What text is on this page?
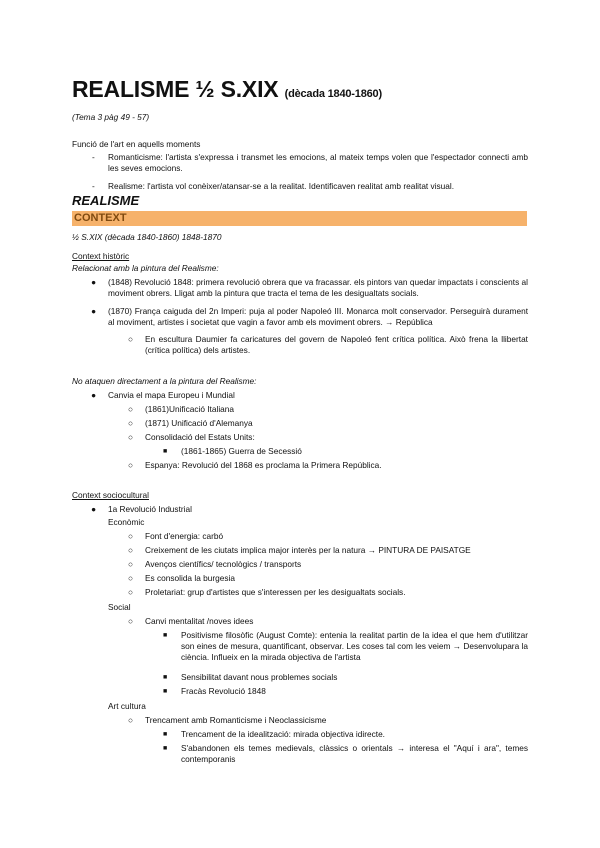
REALISME ½ S.XIX (dècada 1840-1860)
(Tema 3 pàg 49 - 57)
Funció de l'art en aquells moments
- Romanticisme: l'artista s'expressa i transmet les emocions, al mateix temps volen que l'espectador connecti amb les seves emocions.
- Realisme: l'artista vol conèixer/atansar-se a la realitat. Identificaven realitat amb realitat visual.
REALISME
CONTEXT
½ S.XIX (dècada 1840-1860) 1848-1870
Context històric
Relacionat amb la pintura del Realisme:
● (1848) Revolució 1848: primera revolució obrera que va fracassar. els pintors van quedar impactats i conscients al moviment obrers. Lligat amb la pintura que tracta el tema de les desigualtats socials.
● (1870) França caiguda del 2n Imperi: puja al poder Napoleó III. Monarca molt conservador. Perseguirà durament al moviment, artistes i societat que vagin a favor amb els moviment obrers. → República
○ En escultura Daumier fa caricatures del govern de Napoleó fent crítica política. Això frena la llibertat (crítica política) dels artistes.
No ataquen directament a la pintura del Realisme:
● Canvia el mapa Europeu i Mundial
○ (1861)Unificació Italiana
○ (1871) Unificació d'Alemanya
○ Consolidació del Estats Units:
■ (1861-1865) Guerra de Secessió
○ Espanya: Revolució del 1868 es proclama la Primera República.
Context sociocultural
● 1a Revolució Industrial
Econòmic
○ Font d'energia: carbó
○ Creixement de les ciutats implica major interès per la natura → PINTURA DE PAISATGE
○ Avenços científics/ tecnològics / transports
○ Es consolida la burgesia
○ Proletariat: grup d'artistes que s'interessen per les desigualtats socials.
Social
○ Canvi mentalitat /noves idees
■ Positivisme filosòfic (August Comte): entenia la realitat partin de la idea el que hem d'utilitzar son eines de mesura, quantificant, observar. Les coses tal com les veiem → Desenvolupara la ciència. Influeix en la mirada objectiva de l'artista
■ Sensibilitat davant nous problemes socials
■ Fracàs Revolució 1848
Art cultura
○ Trencament amb Romanticisme i Neoclassicisme
■ Trencament de la idealització: mirada objectiva idirecte.
■ S'abandonen els temes medievals, clàssics o orientals → interesa el "Aquí i ara", temes contemporanis
